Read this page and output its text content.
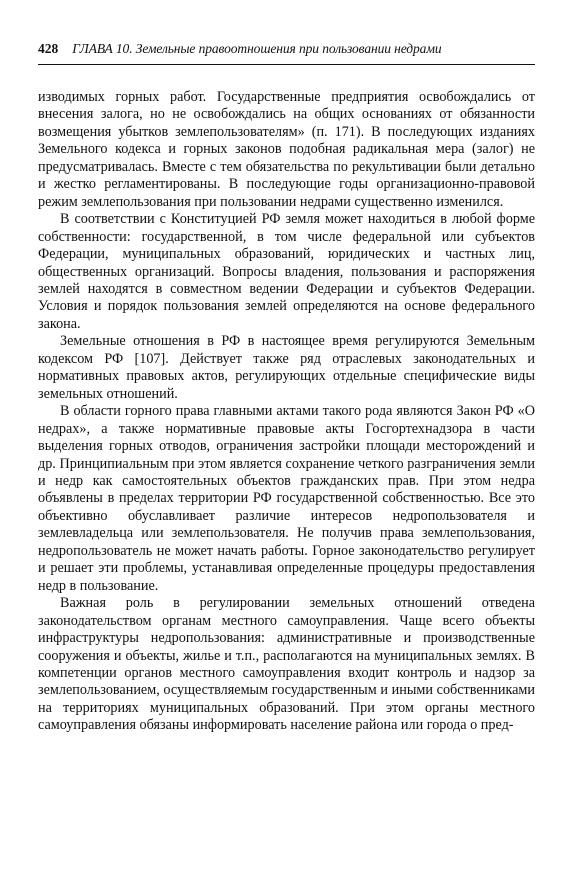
428 ГЛАВА 10. Земельные правоотношения при пользовании недрами

изводимых горных работ. Государственные предприятия освобождались от внесения залога, но не освобождались на общих основаниях от обязанности возмещения убытков землепользователям» (п. 171). В последующих изданиях Земельного кодекса и горных законов подобная радикальная мера (залог) не предусматривалась. Вместе с тем обязательства по рекультивации были детально и жестко регламентированы. В последующие годы организационно-правовой режим землепользования при пользовании недрами существенно изменился.

В соответствии с Конституцией РФ земля может находиться в любой форме собственности: государственной, в том числе федеральной или субъектов Федерации, муниципальных образований, юридических и частных лиц, общественных организаций. Вопросы владения, пользования и распоряжения землей находятся в совместном ведении Федерации и субъектов Федерации. Условия и порядок пользования землей определяются на основе федерального закона.

Земельные отношения в РФ в настоящее время регулируются Земельным кодексом РФ [107]. Действует также ряд отраслевых законодательных и нормативных правовых актов, регулирующих отдельные специфические виды земельных отношений.

В области горного права главными актами такого рода являются Закон РФ «О недрах», а также нормативные правовые акты Госгортехнадзора в части выделения горных отводов, ограничения застройки площади месторождений и др. Принципиальным при этом является сохранение четкого разграничения земли и недр как самостоятельных объектов гражданских прав. При этом недра объявлены в пределах территории РФ государственной собственностью. Все это объективно обуславливает различие интересов недропользователя и землевладельца или землепользователя. Не получив права землепользования, недропользователь не может начать работы. Горное законодательство регулирует и решает эти проблемы, устанавливая определенные процедуры предоставления недр в пользование.

Важная роль в регулировании земельных отношений отведена законодательством органам местного самоуправления. Чаще всего объекты инфраструктуры недропользования: административные и производственные сооружения и объекты, жилье и т.п., располагаются на муниципальных землях. В компетенции органов местного самоуправления входит контроль и надзор за землепользованием, осуществляемым государственным и иными собственниками на территориях муниципальных образований. При этом органы местного самоуправления обязаны информировать население района или города о пред-
